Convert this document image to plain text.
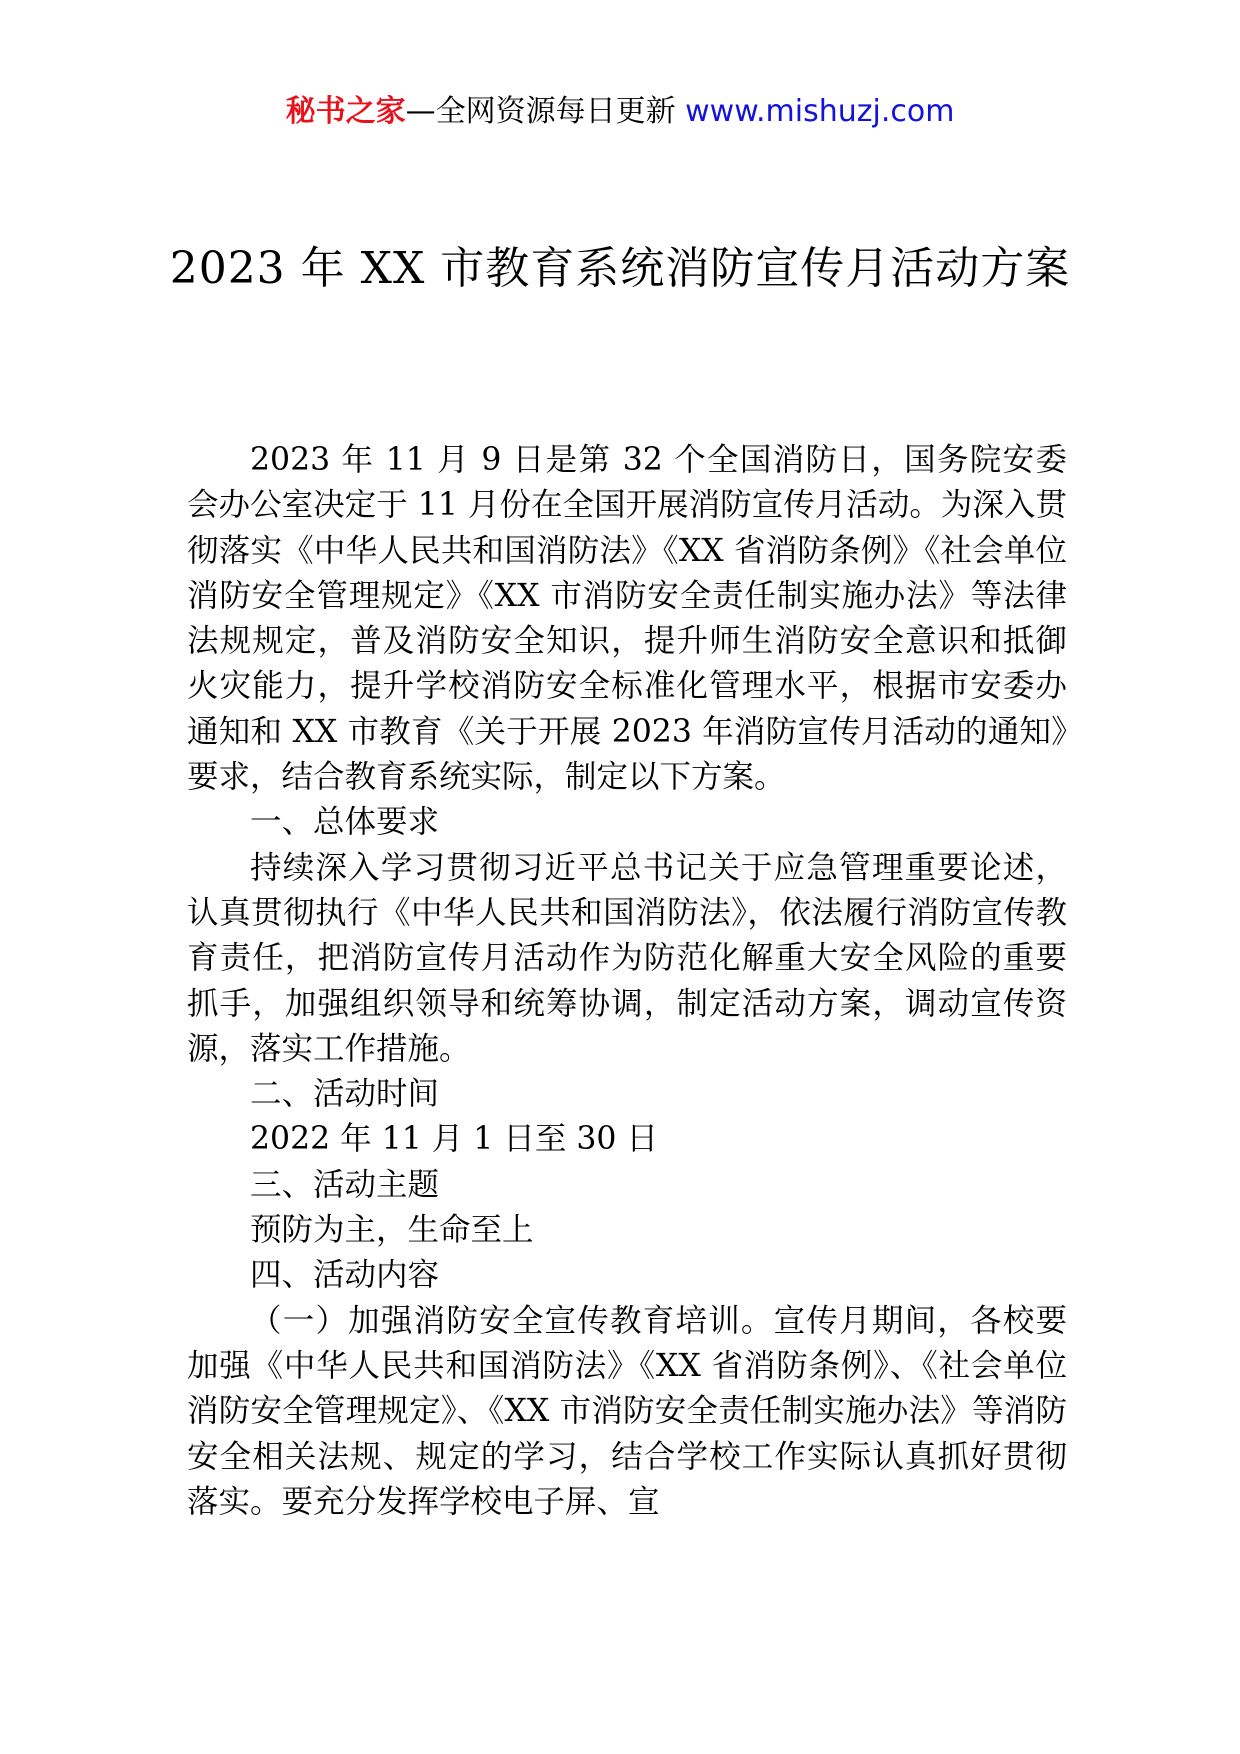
秘书之家—全网资源每日更新 www.mishuzj.com
2023 年 XX 市教育系统消防宣传月活动方案

2023 年 11 月 9 日是第 32 个全国消防日，国务院安委会办公室决定于 11 月份在全国开展消防宣传月活动。为深入贯彻落实《中华人民共和国消防法》《XX 省消防条例》《社会单位消防安全管理规定》《XX 市消防安全责任制实施办法》等法律法规规定，普及消防安全知识，提升师生消防安全意识和抵御火灾能力，提升学校消防安全标准化管理水平，根据市安委办通知和 XX 市教育《关于开展 2023 年消防宣传月活动的通知》要求，结合教育系统实际，制定以下方案。

一、总体要求

持续深入学习贯彻习近平总书记关于应急管理重要论述，认真贯彻执行《中华人民共和国消防法》，依法履行消防宣传教育责任，把消防宣传月活动作为防范化解重大安全风险的重要抓手，加强组织领导和统筹协调，制定活动方案，调动宣传资源，落实工作措施。

二、活动时间

2022 年 11 月 1 日至 30 日

三、活动主题

预防为主，生命至上

四、活动内容

（一）加强消防安全宣传教育培训。宣传月期间，各校要加强《中华人民共和国消防法》《XX 省消防条例》、《社会单位消防安全管理规定》、《XX 市消防安全责任制实施办法》等消防安全相关法规、规定的学习，结合学校工作实际认真抓好贯彻落实。要充分发挥学校电子屏、宣
